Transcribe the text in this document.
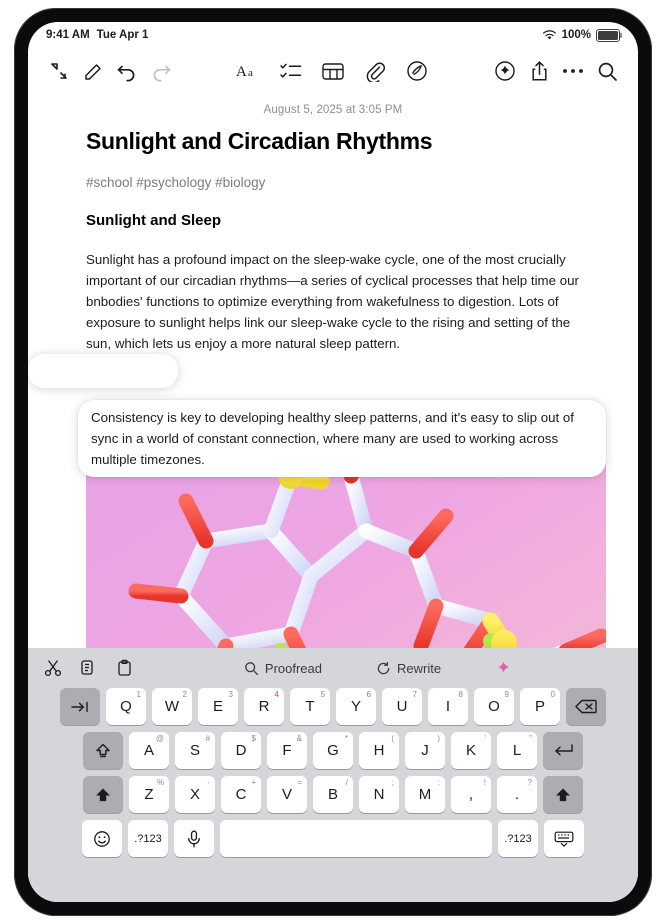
9:41 AM Tue Apr 1	100%
A a
August 5, 2025 at 3:05 PM
Sunlight and Circadian Rhythms
#school #psychology #biology
Sunlight and Sleep
Sunlight has a profound impact on the sleep-wake cycle, one of the most crucially important of our circadian rhythms—a series of cyclical processes that help time our bnbodies' functions to optimize everything from wakefulness to digestion. Lots of exposure to sunlight helps link our sleep-wake cycle to the rising and setting of the sun, which lets us enjoy a more natural sleep pattern.
Consistency is key to developing healthy sleep patterns, and it's easy to slip out of sync in a world of constant connection, where many are used to working across multiple timezones.
Proofread	Rewrite
1
Q
2
W
3
E
4
R
5
T
6
Y
7
U
8
I
9
O
0
P
@
A
#
S
$
D
&
F
*
G
(
H
)
J
'
K
"
L
%
Z
-
X
+
C
=
V
/
B
;
N
:
M
!
,
?
.
.?123	.?123
